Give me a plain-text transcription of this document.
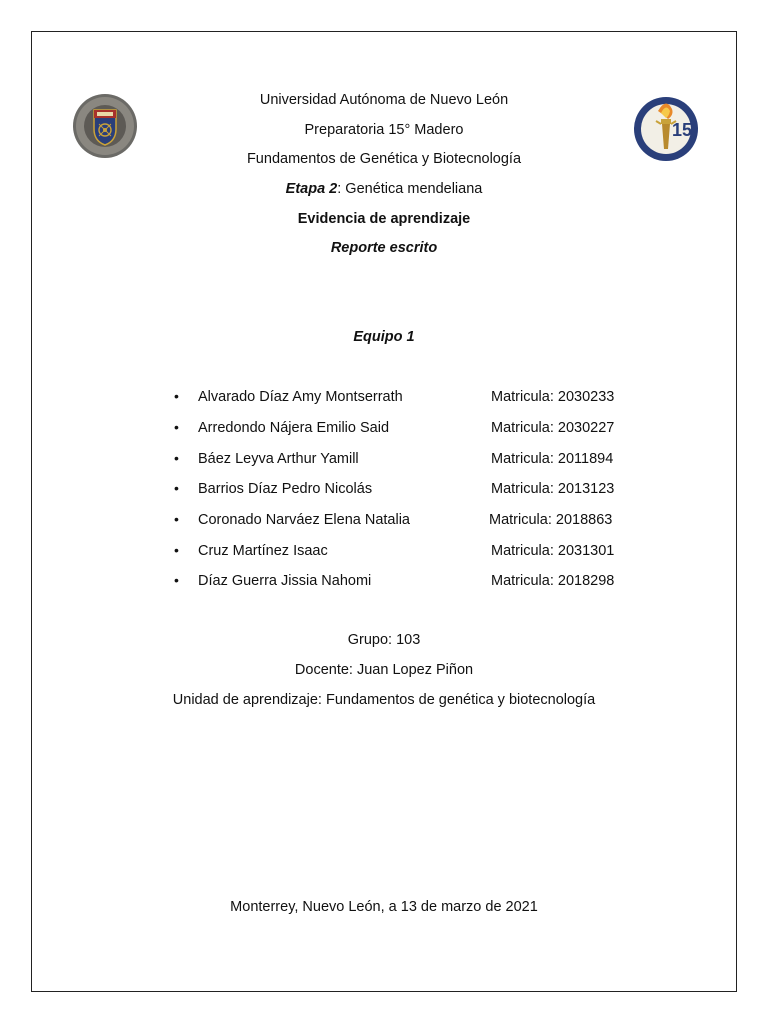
15
Universidad Autónoma de Nuevo León
Preparatoria 15° Madero
Fundamentos de Genética y Biotecnología
Etapa 2: Genética mendeliana
Evidencia de aprendizaje
Reporte escrito
Equipo 1
• Alvarado Díaz Amy Montserrath	Matricula: 2030233
• Arredondo Nájera Emilio Said	Matricula: 2030227
• Báez Leyva Arthur Yamill	Matricula: 2011894
• Barrios Díaz Pedro Nicolás	Matricula: 2013123
• Coronado Narváez Elena Natalia	Matricula: 2018863
• Cruz Martínez Isaac	Matricula: 2031301
• Díaz Guerra Jissia Nahomi	Matricula: 2018298
Grupo: 103
Docente: Juan Lopez Piñon
Unidad de aprendizaje: Fundamentos de genética y biotecnología
Monterrey, Nuevo León, a 13 de marzo de 2021
